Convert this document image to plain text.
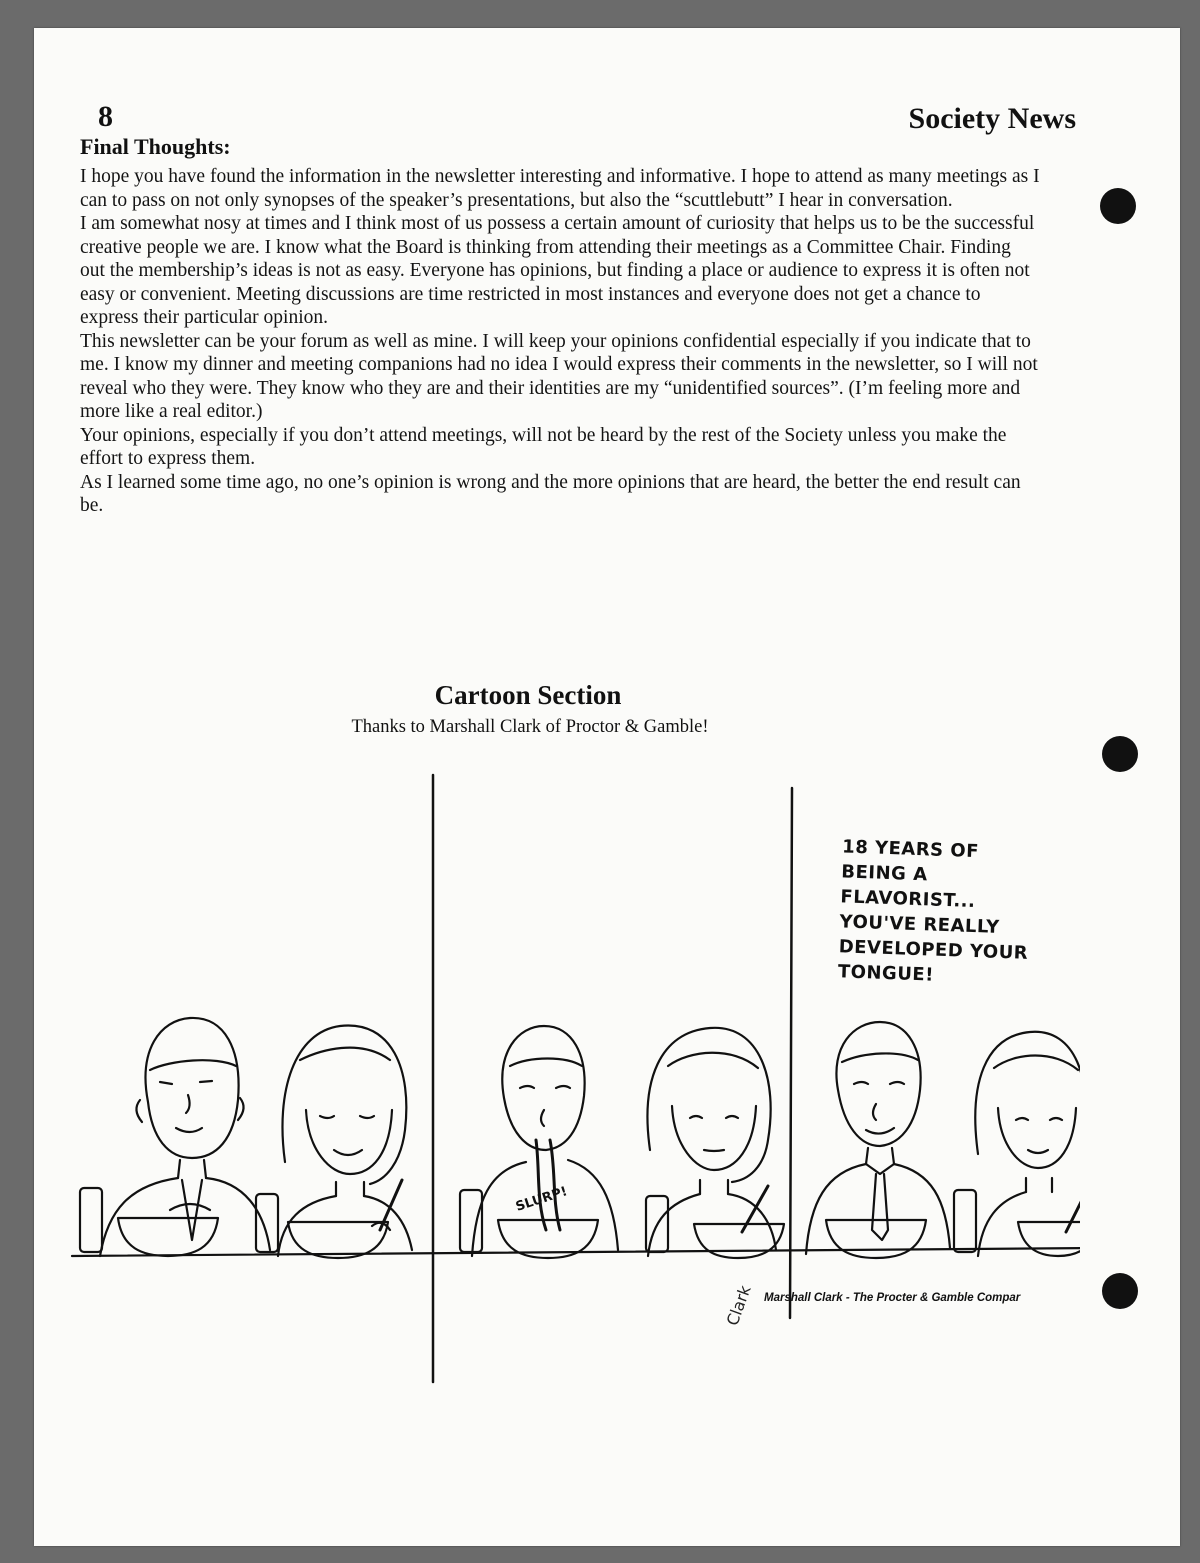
8	Society News
Final Thoughts:

I hope you have found the information in the newsletter interesting and informative. I hope to attend as many meetings as I can to pass on not only synopses of the speaker’s presentations, but also the “scuttlebutt” I hear in conversation.

I am somewhat nosy at times and I think most of us possess a certain amount of curiosity that helps us to be the successful creative people we are. I know what the Board is thinking from attending their meetings as a Committee Chair. Finding out the membership’s ideas is not as easy. Everyone has opinions, but finding a place or audience to express it is often not easy or convenient. Meeting discussions are time restricted in most instances and everyone does not get a chance to express their particular opinion.

This newsletter can be your forum as well as mine. I will keep your opinions confidential especially if you indicate that to me. I know my dinner and meeting companions had no idea I would express their comments in the newsletter, so I will not reveal who they were. They know who they are and their identities are my “unidentified sources”. (I’m feeling more and more like a real editor.)

Your opinions, especially if you don’t attend meetings, will not be heard by the rest of the Society unless you make the effort to express them.

As I learned some time ago, no one’s opinion is wrong and the more opinions that are heard, the better the end result can be.

Cartoon Section
Thanks to Marshall Clark of Proctor & Gamble!
18 YEARS OF
BEING A FLAVORIST...
YOU'VE REALLY
DEVELOPED YOUR
TONGUE!
SLURP!
Clark Marshall Clark - The Procter & Gamble Compar
